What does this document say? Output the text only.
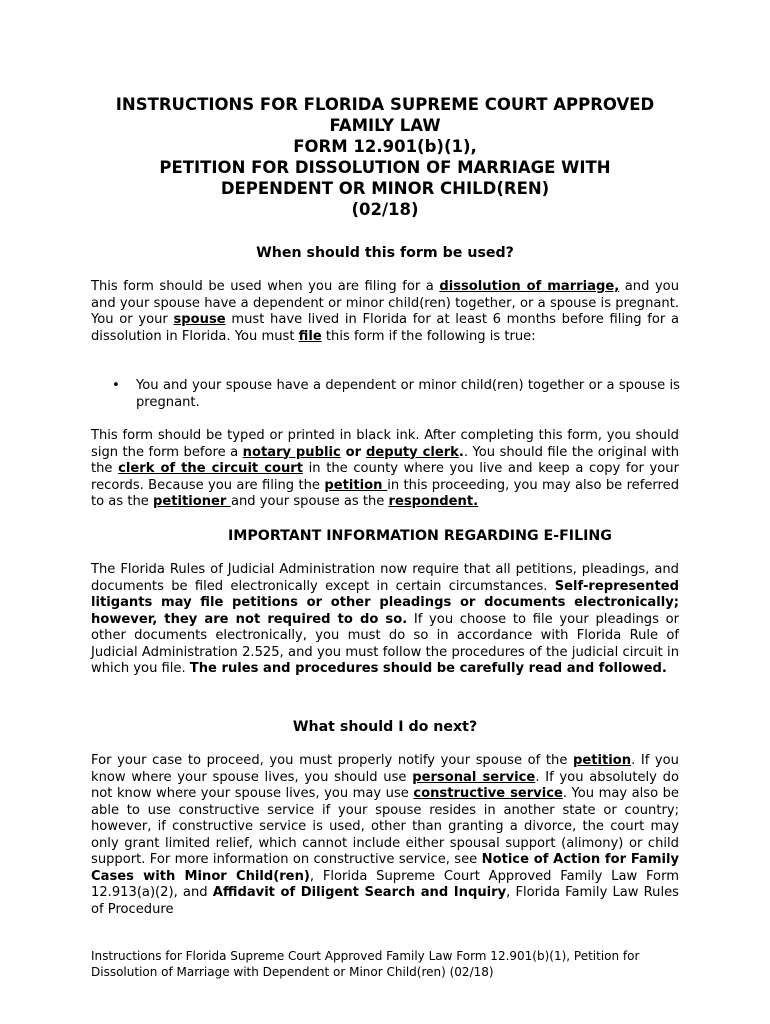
INSTRUCTIONS FOR FLORIDA SUPREME COURT APPROVED
FAMILY LAW
FORM 12.901(b)(1),
PETITION FOR DISSOLUTION OF MARRIAGE WITH
DEPENDENT OR MINOR CHILD(REN)
(02/18)
When should this form be used?
This form should be used when you are filing for a dissolution of marriage, and you and your spouse have a dependent or minor child(ren) together, or a spouse is pregnant. You or your spouse must have lived in Florida for at least 6 months before filing for a dissolution in Florida. You must file this form if the following is true:
• You and your spouse have a dependent or minor child(ren) together or a spouse is pregnant.
This form should be typed or printed in black ink. After completing this form, you should sign the form before a notary public or deputy clerk.. You should file the original with the clerk of the circuit court in the county where you live and keep a copy for your records. Because you are filing the petition in this proceeding, you may also be referred to as the petitioner and your spouse as the respondent.
IMPORTANT INFORMATION REGARDING E-FILING
The Florida Rules of Judicial Administration now require that all petitions, pleadings, and documents be filed electronically except in certain circumstances. Self-represented litigants may file petitions or other pleadings or documents electronically; however, they are not required to do so. If you choose to file your pleadings or other documents electronically, you must do so in accordance with Florida Rule of Judicial Administration 2.525, and you must follow the procedures of the judicial circuit in which you file. The rules and procedures should be carefully read and followed.
What should I do next?
For your case to proceed, you must properly notify your spouse of the petition. If you know where your spouse lives, you should use personal service. If you absolutely do not know where your spouse lives, you may use constructive service. You may also be able to use constructive service if your spouse resides in another state or country; however, if constructive service is used, other than granting a divorce, the court may only grant limited relief, which cannot include either spousal support (alimony) or child support. For more information on constructive service, see Notice of Action for Family Cases with Minor Child(ren), Florida Supreme Court Approved Family Law Form 12.913(a)(2), and Affidavit of Diligent Search and Inquiry, Florida Family Law Rules of Procedure
Instructions for Florida Supreme Court Approved Family Law Form 12.901(b)(1), Petition for
Dissolution of Marriage with Dependent or Minor Child(ren) (02/18)
